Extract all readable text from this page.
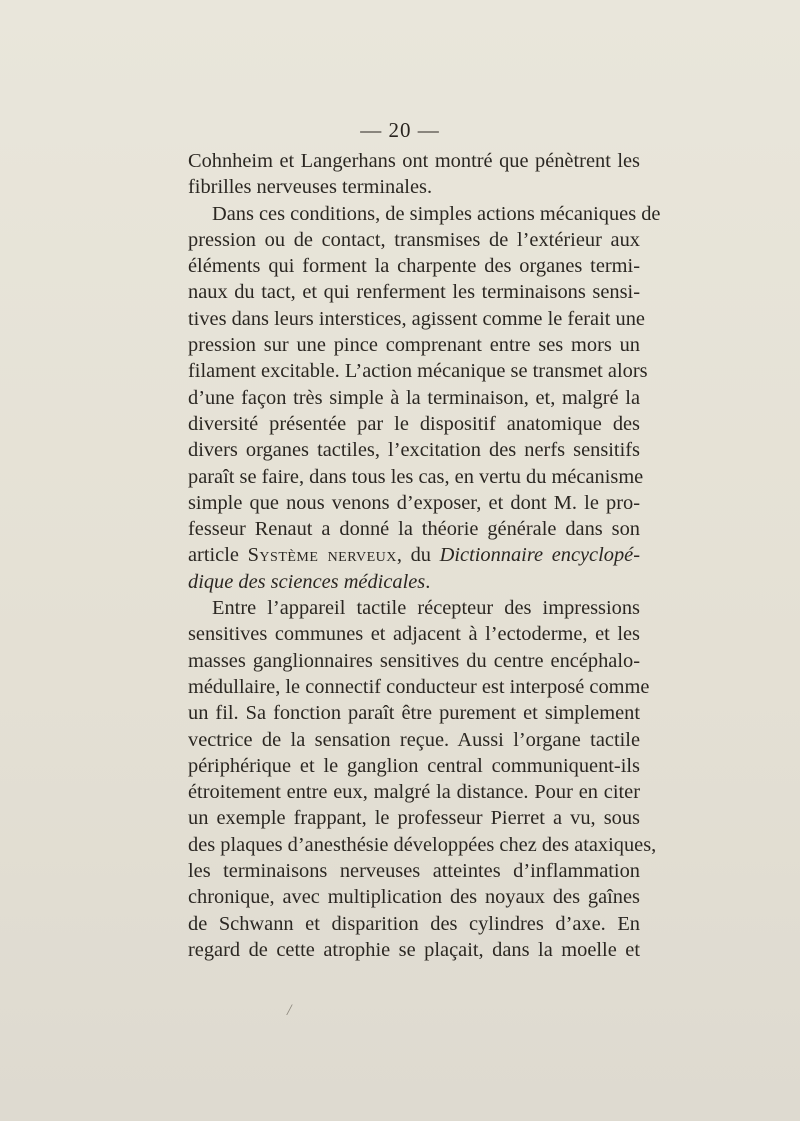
— 20 —
Cohnheim et Langerhans ont montré que pénètrent les
fibrilles nerveuses terminales.
Dans ces conditions, de simples actions mécaniques de
pression ou de contact, transmises de l’extérieur aux
éléments qui forment la charpente des organes termi-
naux du tact, et qui renferment les terminaisons sensi-
tives dans leurs interstices, agissent comme le ferait une
pression sur une pince comprenant entre ses mors un
filament excitable. L’action mécanique se transmet alors
d’une façon très simple à la terminaison, et, malgré la
diversité présentée par le dispositif anatomique des
divers organes tactiles, l’excitation des nerfs sensitifs
paraît se faire, dans tous les cas, en vertu du mécanisme
simple que nous venons d’exposer, et dont M. le pro-
fesseur Renaut a donné la théorie générale dans son
article Système nerveux, du Dictionnaire encyclopé-
dique des sciences médicales.
Entre l’appareil tactile récepteur des impressions
sensitives communes et adjacent à l’ectoderme, et les
masses ganglionnaires sensitives du centre encéphalo-
médullaire, le connectif conducteur est interposé comme
un fil. Sa fonction paraît être purement et simplement
vectrice de la sensation reçue. Aussi l’organe tactile
périphérique et le ganglion central communiquent-ils
étroitement entre eux, malgré la distance. Pour en citer
un exemple frappant, le professeur Pierret a vu, sous
des plaques d’anesthésie développées chez des ataxiques,
les terminaisons nerveuses atteintes d’inflammation
chronique, avec multiplication des noyaux des gaînes
de Schwann et disparition des cylindres d’axe. En
regard de cette atrophie se plaçait, dans la moelle et
/
